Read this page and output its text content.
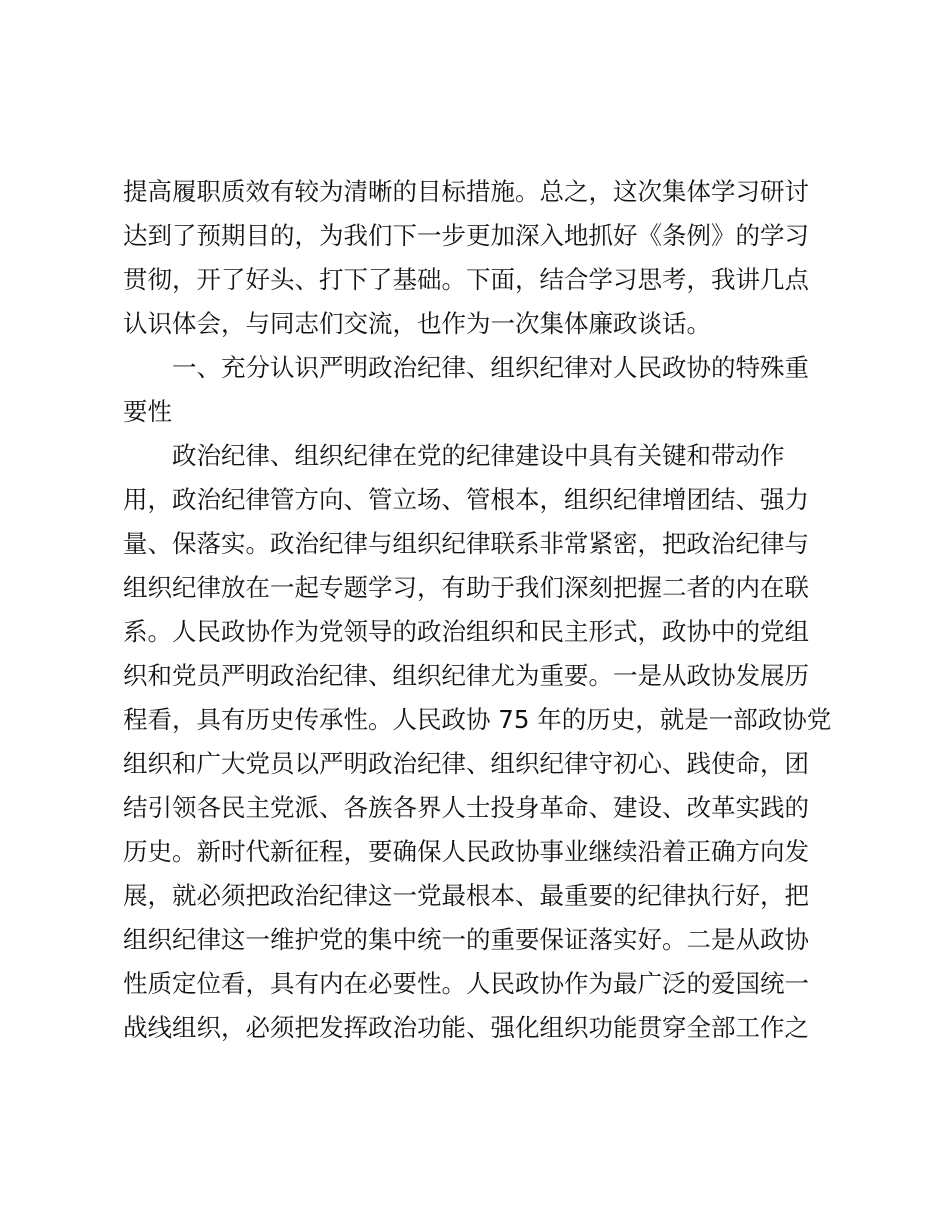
提高履职质效有较为清晰的目标措施。总之，这次集体学习研讨
达到了预期目的，为我们下一步更加深入地抓好《条例》的学习
贯彻，开了好头、打下了基础。下面，结合学习思考，我讲几点
认识体会，与同志们交流，也作为一次集体廉政谈话。
一、充分认识严明政治纪律、组织纪律对人民政协的特殊重
要性
政治纪律、组织纪律在党的纪律建设中具有关键和带动作
用，政治纪律管方向、管立场、管根本，组织纪律增团结、强力
量、保落实。政治纪律与组织纪律联系非常紧密，把政治纪律与
组织纪律放在一起专题学习，有助于我们深刻把握二者的内在联
系。人民政协作为党领导的政治组织和民主形式，政协中的党组
织和党员严明政治纪律、组织纪律尤为重要。一是从政协发展历
程看，具有历史传承性。人民政协 75 年的历史，就是一部政协党
组织和广大党员以严明政治纪律、组织纪律守初心、践使命，团
结引领各民主党派、各族各界人士投身革命、建设、改革实践的
历史。新时代新征程，要确保人民政协事业继续沿着正确方向发
展，就必须把政治纪律这一党最根本、最重要的纪律执行好，把
组织纪律这一维护党的集中统一的重要保证落实好。二是从政协
性质定位看，具有内在必要性。人民政协作为最广泛的爱国统一
战线组织，必须把发挥政治功能、强化组织功能贯穿全部工作之
